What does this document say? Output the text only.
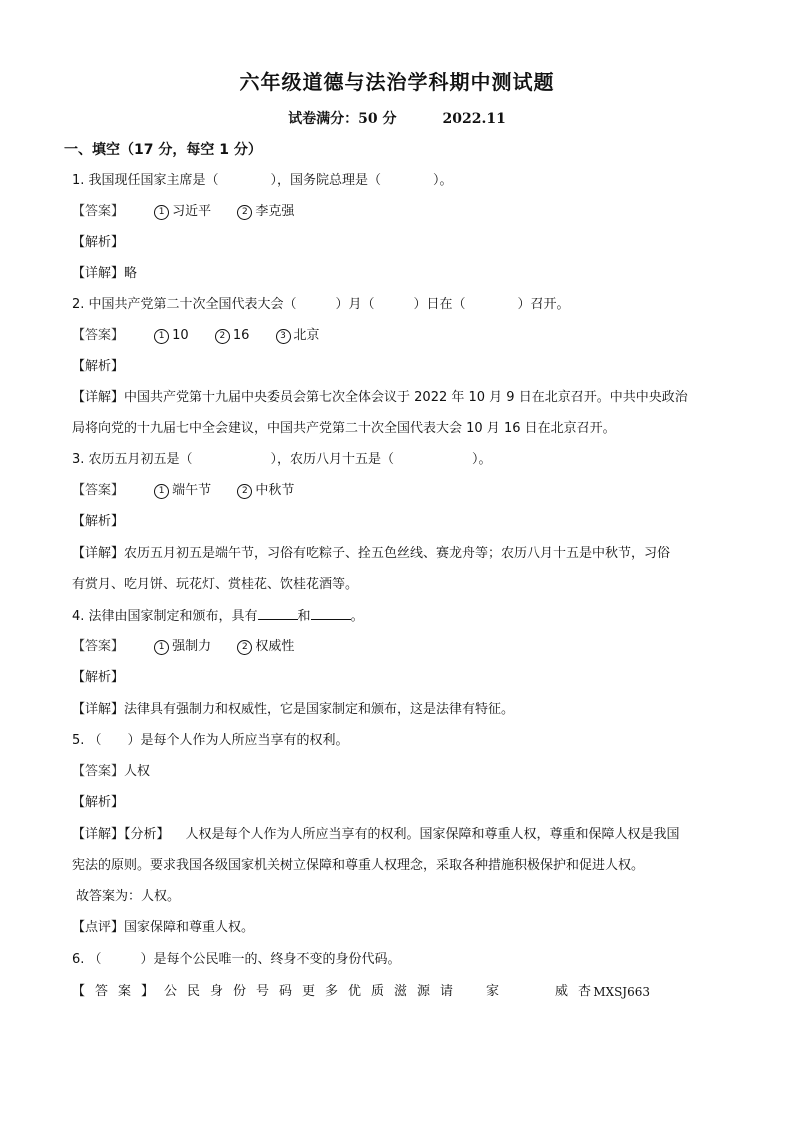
六年级道德与法治学科期中测试题
试卷满分：50 分	2022.11
一、填空（17 分，每空 1 分）
1. 我国现任国家主席是（　　　　），国务院总理是（　　　　）。
【答案】	1 习近平	2 李克强
【解析】
【详解】略
2. 中国共产党第二十次全国代表大会（　　　）月（　　　）日在（　　　　）召开。
【答案】	1 10	2 16	3 北京
【解析】
【详解】中国共产党第十九届中央委员会第七次全体会议于 2022 年 10 月 9 日在北京召开。中共中央政治
局将向党的十九届七中全会建议，中国共产党第二十次全国代表大会 10 月 16 日在北京召开。
3. 农历五月初五是（　　　　　　），农历八月十五是（　　　　　　）。
【答案】	1 端午节	2 中秋节
【解析】
【详解】农历五月初五是端午节，习俗有吃粽子、拴五色丝线、赛龙舟等；农历八月十五是中秋节，习俗
有赏月、吃月饼、玩花灯、赏桂花、饮桂花酒等。
4. 法律由国家制定和颁布，具有	和	。
【答案】	1 强制力	2 权威性
【解析】
【详解】法律具有强制力和权威性，它是国家制定和颁布，这是法律有特征。
5. （　　）是每个人作为人所应当享有的权利。
【答案】人权
【解析】
【详解】【分析】 人权是每个人作为人所应当享有的权利。国家保障和尊重人权，尊重和保障人权是我国
宪法的原则。要求我国各级国家机关树立保障和尊重人权理念，采取各种措施积极保护和促进人权。
故答案为：人权。
【点评】国家保障和尊重人权。
6. （　　　）是每个公民唯一的、终身不变的身份代码。
【答案】公民身份号码更多优质滋源请　家　　威杏
MXSJ663
